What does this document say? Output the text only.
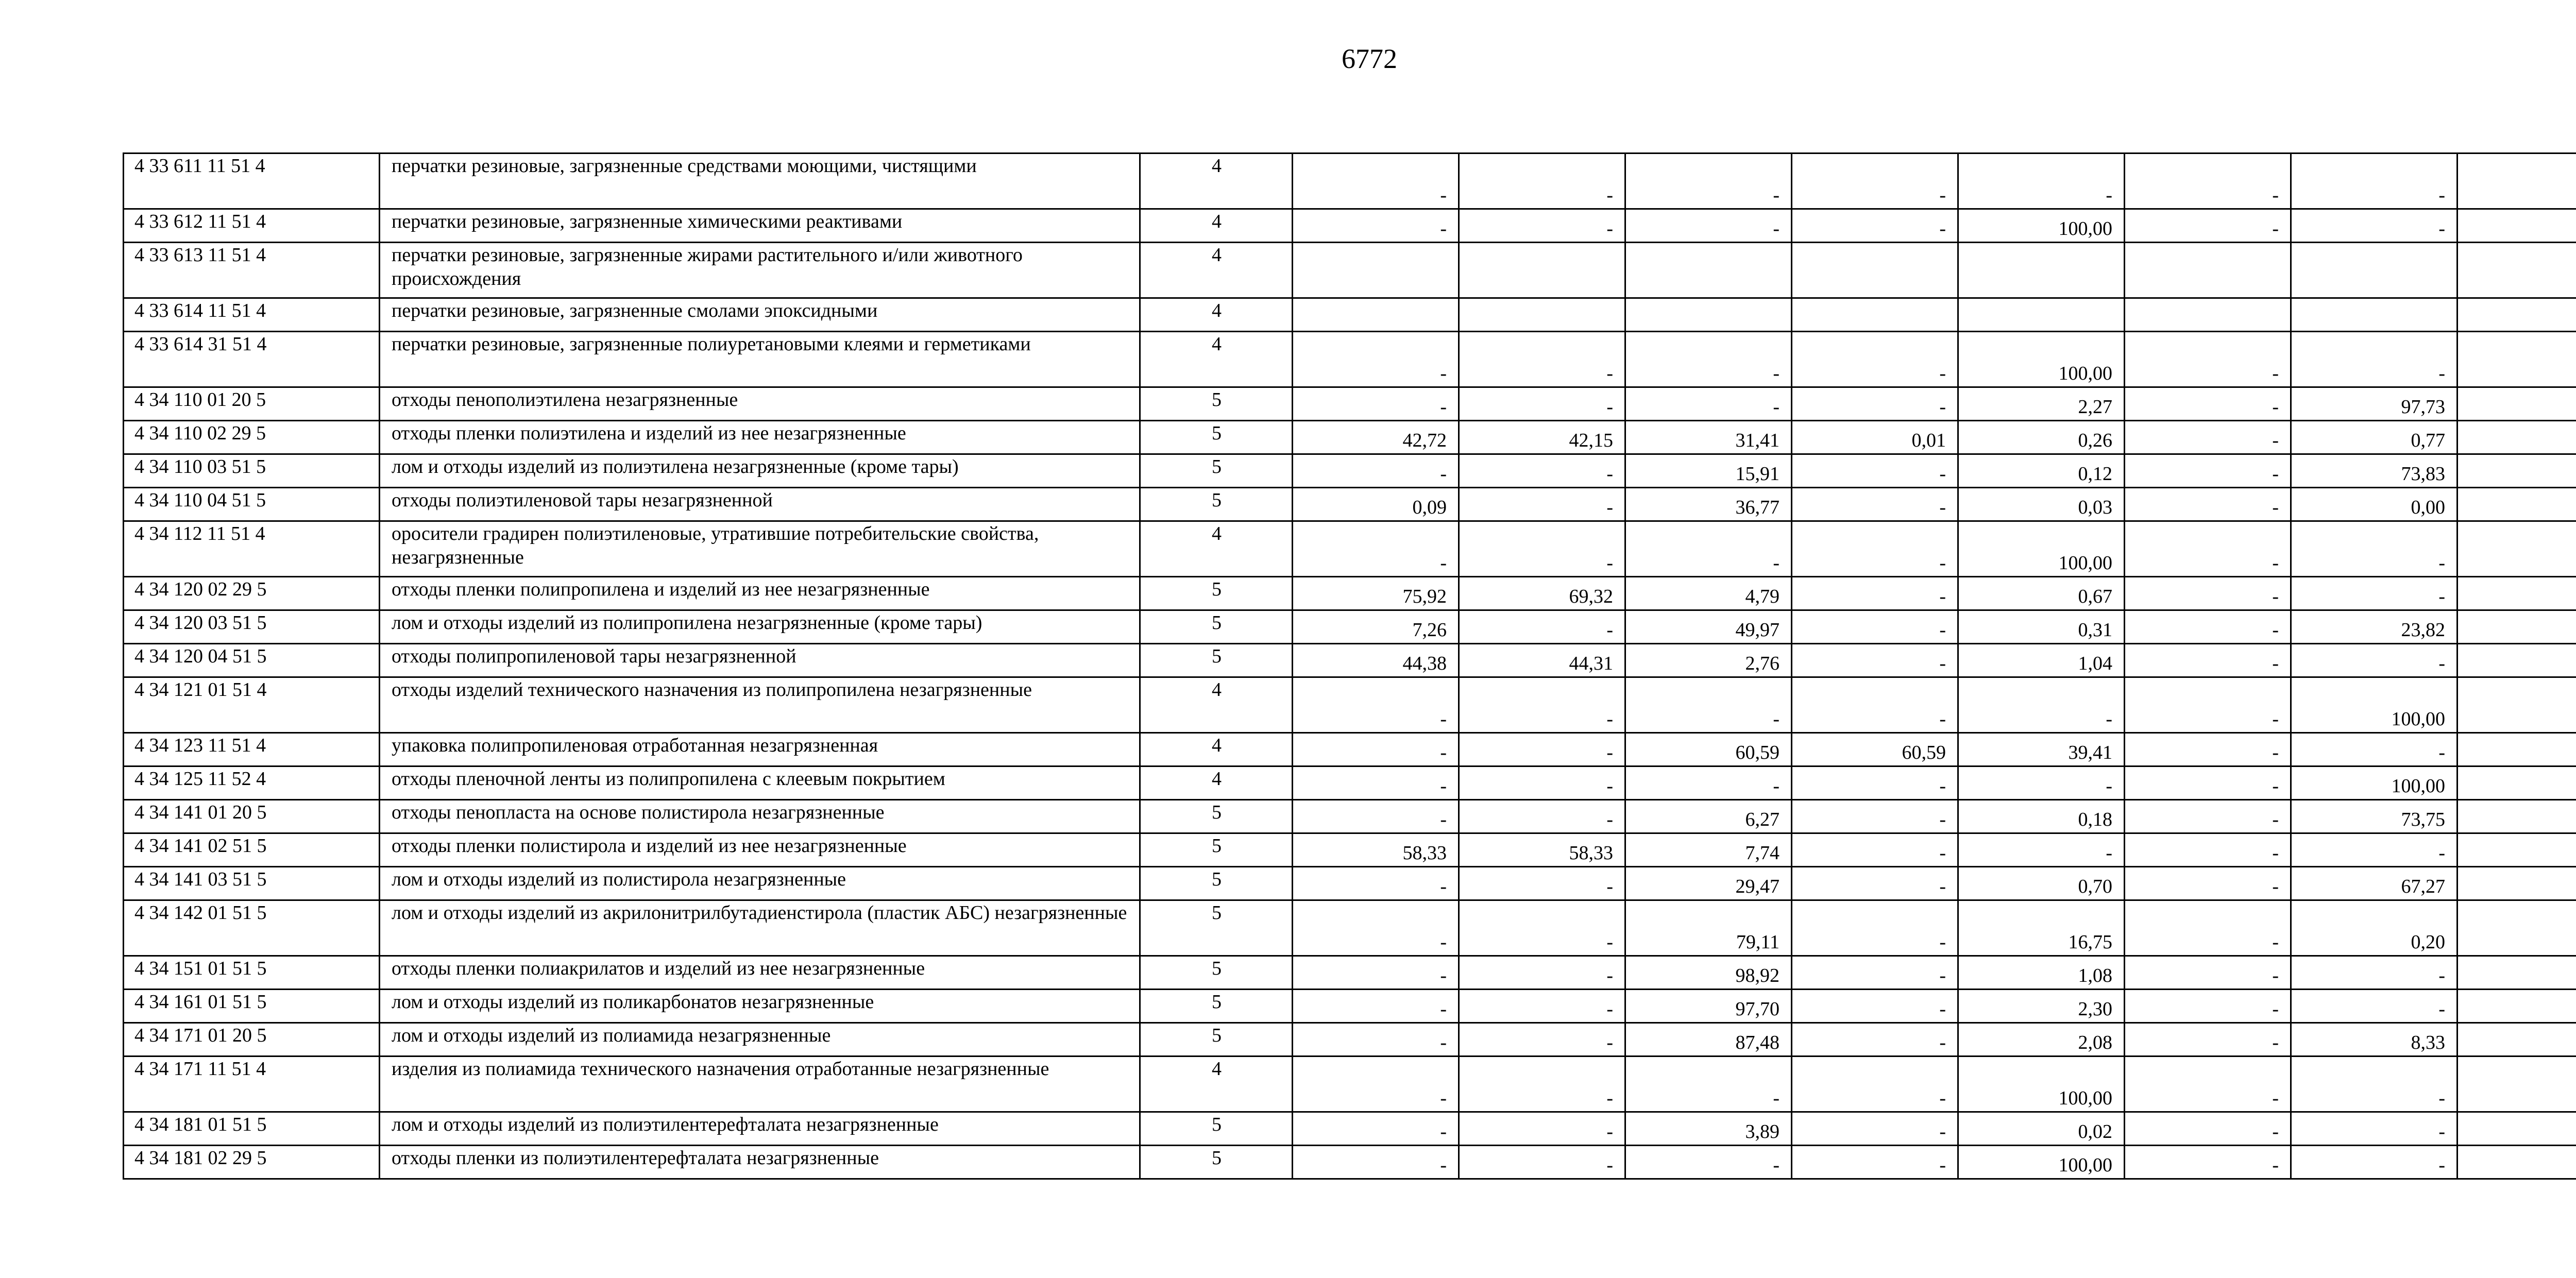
6772
4 33 611 11 51 4	перчатки резиновые, загрязненные средствами моющими, чистящими	4	-	-	-	-	-	-	-	
4 33 612 11 51 4	перчатки резиновые, загрязненные химическими реактивами	4	-	-	-	-	100,00	-	-	
4 33 613 11 51 4	перчатки резиновые, загрязненные жирами растительного и/или животного происхождения	4								
4 33 614 11 51 4	перчатки резиновые, загрязненные смолами эпоксидными	4								
4 33 614 31 51 4	перчатки резиновые, загрязненные полиуретановыми клеями и герметиками	4	-	-	-	-	100,00	-	-	
4 34 110 01 20 5	отходы пенополиэтилена незагрязненные	5	-	-	-	-	2,27	-	97,73	
4 34 110 02 29 5	отходы пленки полиэтилена и изделий из нее незагрязненные	5	42,72	42,15	31,41	0,01	0,26	-	0,77	
4 34 110 03 51 5	лом и отходы изделий из полиэтилена незагрязненные (кроме тары)	5	-	-	15,91	-	0,12	-	73,83	
4 34 110 04 51 5	отходы полиэтиленовой тары незагрязненной	5	0,09	-	36,77	-	0,03	-	0,00	
4 34 112 11 51 4	оросители градирен полиэтиленовые, утратившие потребительские свойства, незагрязненные	4	-	-	-	-	100,00	-	-	
4 34 120 02 29 5	отходы пленки полипропилена и изделий из нее незагрязненные	5	75,92	69,32	4,79	-	0,67	-	-	
4 34 120 03 51 5	лом и отходы изделий из полипропилена незагрязненные (кроме тары)	5	7,26	-	49,97	-	0,31	-	23,82	
4 34 120 04 51 5	отходы полипропиленовой тары незагрязненной	5	44,38	44,31	2,76	-	1,04	-	-	
4 34 121 01 51 4	отходы изделий технического назначения из полипропилена незагрязненные	4	-	-	-	-	-	-	100,00	
4 34 123 11 51 4	упаковка полипропиленовая отработанная незагрязненная	4	-	-	60,59	60,59	39,41	-	-	
4 34 125 11 52 4	отходы пленочной ленты из полипропилена с клеевым покрытием	4	-	-	-	-	-	-	100,00	
4 34 141 01 20 5	отходы пенопласта на основе полистирола незагрязненные	5	-	-	6,27	-	0,18	-	73,75	
4 34 141 02 51 5	отходы пленки полистирола и изделий из нее незагрязненные	5	58,33	58,33	7,74	-	-	-	-	
4 34 141 03 51 5	лом и отходы изделий из полистирола незагрязненные	5	-	-	29,47	-	0,70	-	67,27	
4 34 142 01 51 5	лом и отходы изделий из акрилонитрилбутадиенстирола (пластик АБС) незагрязненные	5	-	-	79,11	-	16,75	-	0,20	
4 34 151 01 51 5	отходы пленки полиакрилатов и изделий из нее незагрязненные	5	-	-	98,92	-	1,08	-	-	
4 34 161 01 51 5	лом и отходы изделий из поликарбонатов незагрязненные	5	-	-	97,70	-	2,30	-	-	
4 34 171 01 20 5	лом и отходы изделий из полиамида незагрязненные	5	-	-	87,48	-	2,08	-	8,33	
4 34 171 11 51 4	изделия из полиамида технического назначения отработанные незагрязненные	4	-	-	-	-	100,00	-	-	
4 34 181 01 51 5	лом и отходы изделий из полиэтилентерефталата незагрязненные	5	-	-	3,89	-	0,02	-	-	
4 34 181 02 29 5	отходы пленки из полиэтилентерефталата незагрязненные	5	-	-	-	-	100,00	-	-	
